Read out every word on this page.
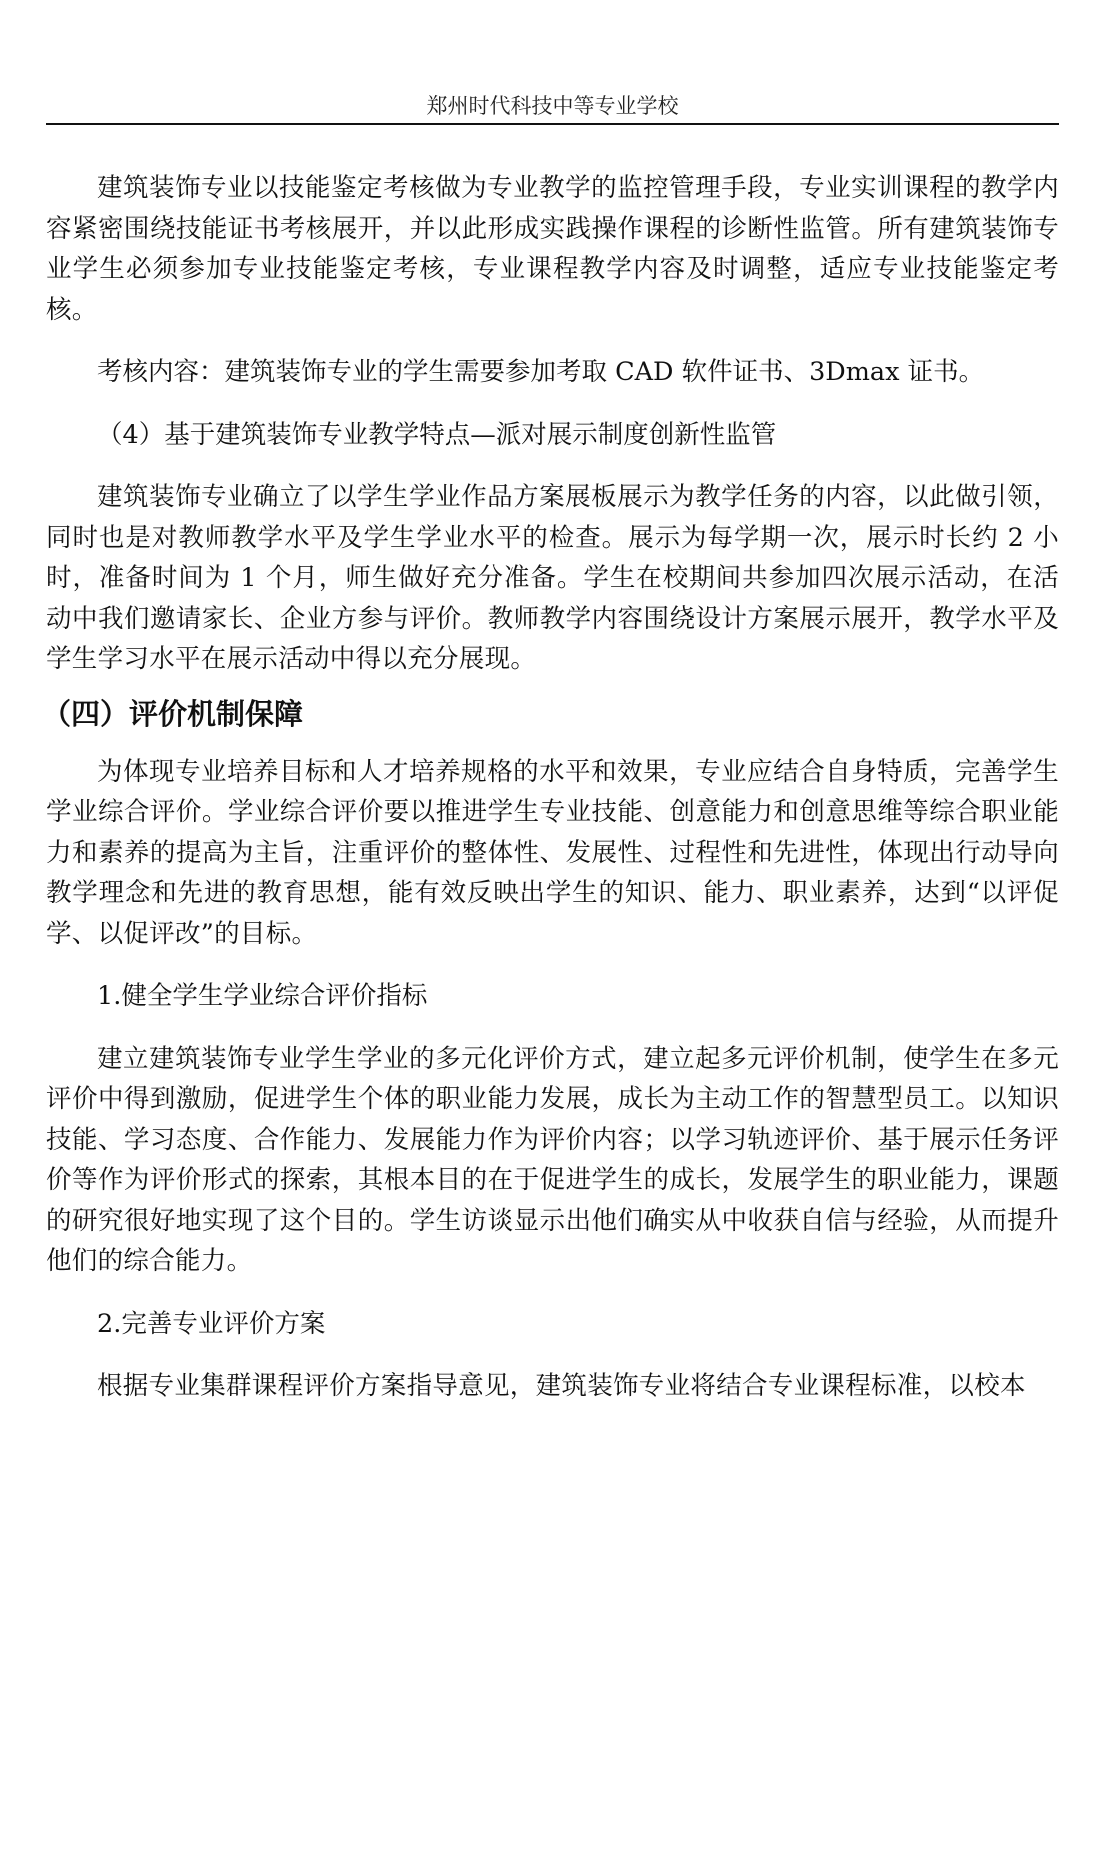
郑州时代科技中等专业学校

建筑装饰专业以技能鉴定考核做为专业教学的监控管理手段，专业实训课程的教学内容紧密围绕技能证书考核展开，并以此形成实践操作课程的诊断性监管。所有建筑装饰专业学生必须参加专业技能鉴定考核，专业课程教学内容及时调整，适应专业技能鉴定考核。

考核内容：建筑装饰专业的学生需要参加考取 CAD 软件证书、3Dmax 证书。

（4）基于建筑装饰专业教学特点—派对展示制度创新性监管

建筑装饰专业确立了以学生学业作品方案展板展示为教学任务的内容，以此做引领，同时也是对教师教学水平及学生学业水平的检查。展示为每学期一次，展示时长约 2 小时，准备时间为 1 个月，师生做好充分准备。学生在校期间共参加四次展示活动，在活动中我们邀请家长、企业方参与评价。教师教学内容围绕设计方案展示展开，教学水平及学生学习水平在展示活动中得以充分展现。

（四）评价机制保障

为体现专业培养目标和人才培养规格的水平和效果，专业应结合自身特质，完善学生学业综合评价。学业综合评价要以推进学生专业技能、创意能力和创意思维等综合职业能力和素养的提高为主旨，注重评价的整体性、发展性、过程性和先进性，体现出行动导向教学理念和先进的教育思想，能有效反映出学生的知识、能力、职业素养，达到“以评促学、以促评改”的目标。

1.健全学生学业综合评价指标

建立建筑装饰专业学生学业的多元化评价方式，建立起多元评价机制，使学生在多元评价中得到激励，促进学生个体的职业能力发展，成长为主动工作的智慧型员工。以知识技能、学习态度、合作能力、发展能力作为评价内容；以学习轨迹评价、基于展示任务评价等作为评价形式的探索，其根本目的在于促进学生的成长，发展学生的职业能力，课题的研究很好地实现了这个目的。学生访谈显示出他们确实从中收获自信与经验，从而提升他们的综合能力。

2.完善专业评价方案

根据专业集群课程评价方案指导意见，建筑装饰专业将结合专业课程标准，以校本
